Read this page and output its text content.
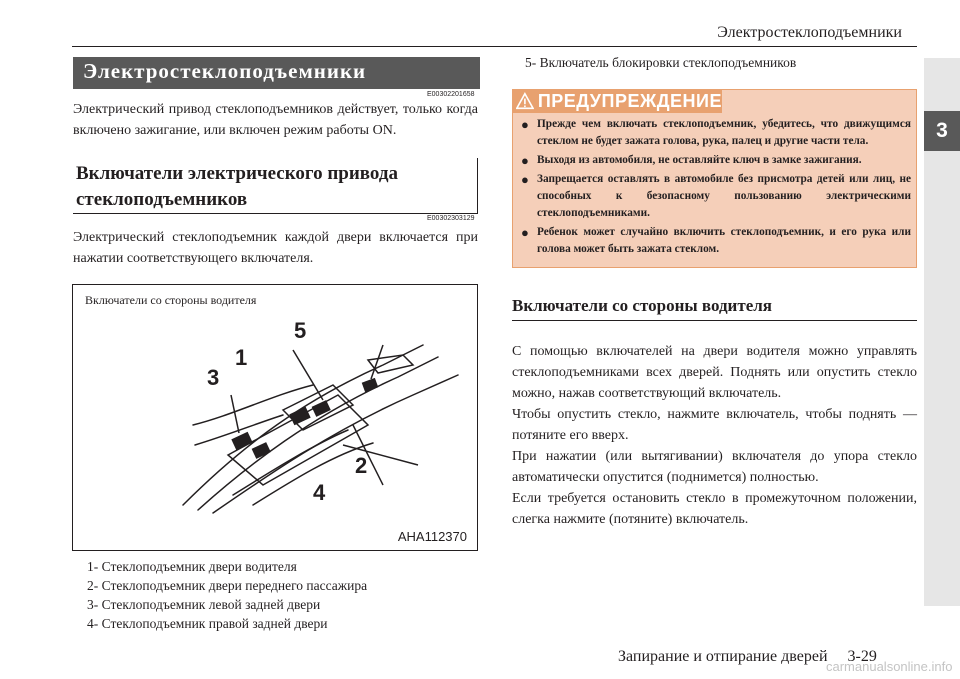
Электростеклоподъемники
3
Электростеклоподъемники
E00302201658
Электрический привод стеклоподъемников действует, только когда включено зажигание, или включен режим работы ON.
Включатели электрического привода
стеклоподъемников
E00302303129
Электрический стеклоподъемник каждой двери включается при нажатии соответствующего включателя.
Включатели со стороны водителя
1
2
3
4
5
AHA112370
1- Стеклоподъемник двери водителя
2- Стеклоподъемник двери переднего пассажира
3- Стеклоподъемник левой задней двери
4- Стеклоподъемник правой задней двери
5- Включатель блокировки стеклоподъемников
ПРЕДУПРЕЖДЕНИЕ
● Прежде чем включать стеклоподъемник, убедитесь, что движущимся стеклом не будет зажата голова, рука, палец и другие части тела.
● Выходя из автомобиля, не оставляйте ключ в замке зажигания.
● Запрещается оставлять в автомобиле без присмотра детей или лиц, не способных к безопасному пользованию электрическими стеклоподъемниками.
● Ребенок может случайно включить стеклоподъемник, и его рука или голова может быть зажата стеклом.
Включатели со стороны водителя
С помощью включателей на двери водителя можно управлять стеклоподъемниками всех дверей. Поднять или опустить стекло можно, нажав соответствующий включатель.
Чтобы опустить стекло, нажмите включатель, чтобы поднять — потяните его вверх.
При нажатии (или вытягивании) включателя до упора стекло автоматически опустится (поднимется) полностью.
Если требуется остановить стекло в промежуточном положении, слегка нажмите (потяните) включатель.
Запирание и отпирание дверей     3-29
carmanualsonline.info
